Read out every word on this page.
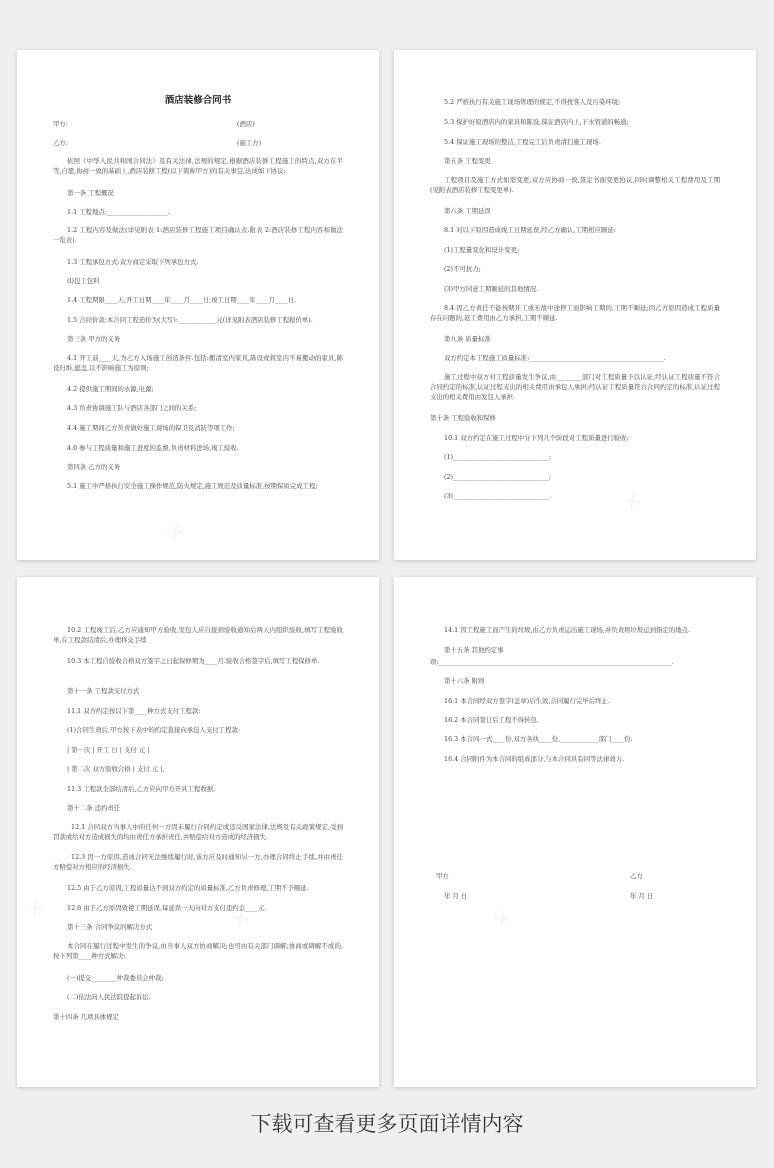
酒店装修合同书
甲方:	(酒店)
乙方:	(施工方)
依照《中华人民共和国合同法》及有关法律,法规的规定,根据酒店装修工程施工的特点,双方在平等,自愿,协商一致的基础上,酒店装修工程(以下简称甲方)的有关事宜,达成如下协议:
第一条 工程概况
1.1 工程地点:___________________.
1.2 工程内容及做法(详见附表 1:酒店装修工程施工项目确认表.附表 2:酒店装修工程内容和做法一览表).
1.3 工程承包方式:双方商定采取下列承包方式.
(l)包工包料
1.4 工程期限____天,开工日期____年____月____日,竣工日期____年____月____日.
1.5 合同价款:本合同工程造价为(大写):____________元(详见附表酒店装修工程报价单).
第三条 甲方的义务
4.1 开工前____天,为乙方入场施工创造条件.包括:搬清室内家具,陈设或将室内不易搬动的家具,陈设归堆,遮盖,以不影响施工为原则;
4.2 提供施工期间的水源,电源;
4.3 负责协调施工队与酒店各部门之间的关系;
4.4 施工期间乙方负责做好施工现场的保卫及消防等项工作;
4.6 参与工程质量和施工进度的监督,负责材料进场,竣工验收.
第四条 乙方的义务
5.1 施工中严格执行安全施工操作规范,防火规定,施工规范及质量标准,按期保质完成工程;
5.2 严格执行有关施工现场管理的规定,不得扰客人及污染环境;
5.3 保护好原酒店内的家具和陈设,保证酒店内上,下水管道的畅通;
5.4 保证施工现场的整洁,工程完工后负责清扫施工现场.
第五条 工程变更
工程项目及施工方式如需变更,双方应协商一致,签定书面变更协议,同时调整相关工程费用及工期(见附表酒店装修工程变更单).
第六条 工期延误
8.1 对以下原因造成竣工日期延误,经乙方确认,工期相应顺延:
(1)工程量变化和设计变更;
(2)不可抗力;
(3)甲方同意工期顺延的其他情况.
8.4 因乙方责任不能按期开工或无故中途停工而影响工期的,工期不顺延;因乙方原因造成工程质量存在问题的,返工费用由乙方承担,工期不顺延.
第九条 质量标准
双方约定本工程施工质量标准:__________________________________________.
施工过程中双方对工程质量发生争议,由________部门对工程质量予以认证,经认证工程质量不符合合同约定的标准,认证过程支出的相关费用由承包人承担;经认证工程质量符合合同约定的标准,认证过程支出的相关费用由发包人承担.
第十条 工程验收和保修
10.1 双方约定在施工过程中分下列几个阶段对工程质量进行验收:
(1)______________________________;
(2)______________________________;
(3)______________________________.
10.2 工程竣工后,乙方应通知甲方验收,发包人应自接到验收通知后两天内组织验收,填写工程验收单,在工程款结清后,办理移交手续
10.3 本工程自验收合格双方签字之日起保修期为____月.验收合格签字后,填写工程保修单.
第十一条 工程款支付方式
11.1 双方约定按以下第____种方式支付工程款:
(1)合同生效后,甲方按下表中的约定直接向承包人支付工程款:
| 第一次 | 开工 日 | 支付 元 |
| 第二次 双方验收合格 | 支付 元 |,
11.3 工程款全部结清后,乙方应向甲方开具工程收据.
第十二条 违约责任
12.1 合同双方当事人中的任何一方因未履行合同约定或违反国家法律,法规及有关政策规定,受到罚款或给对方造成损失的均由责任方承担责任,并赔偿给对方造成的经济损失.
12.3 因一方原因,造成合同无法继续履行时,该方应及时通知另一方,办理合同终止手续,并由责任方赔偿对方相应的经济损失.
12.5 由于乙方原因,工程质量达不到双方约定的质量标准,乙方负责修理,工期不予顺延.
12.6 由于乙方原因致使工期延误,每延误一天向对方支付违约金____元.
第十三条 合同争议的解决方式
本合同在履行过程中发生的争议,由当事人双方协商解决;也可由有关部门调解;协商或调解不成的,按下列第____种方式解决:
(一)提交________仲裁委员会仲裁;
(二)依法向人民法院提起诉讼.
第十四条 几项具体规定
14.1 因工程施工而产生的垃圾,由乙方负责运出施工现场,并负责将垃圾运到指定的地点.
第十五条 其他约定事
项:_________________________________________________________________________.
第十六条 附则
16.1 本合同经双方签字(盖章)后生效,合同履行完毕后终止.
16.2 本合同签订后工程不得转包.
16.3 本合同一式____份,双方各执____份,____________部门____份.
16.4 合同附件为本合同的组成部分,与本合同具有同等法律效力.
甲方	乙方
年 月 日	年 月 日
下载可查看更多页面详情内容
